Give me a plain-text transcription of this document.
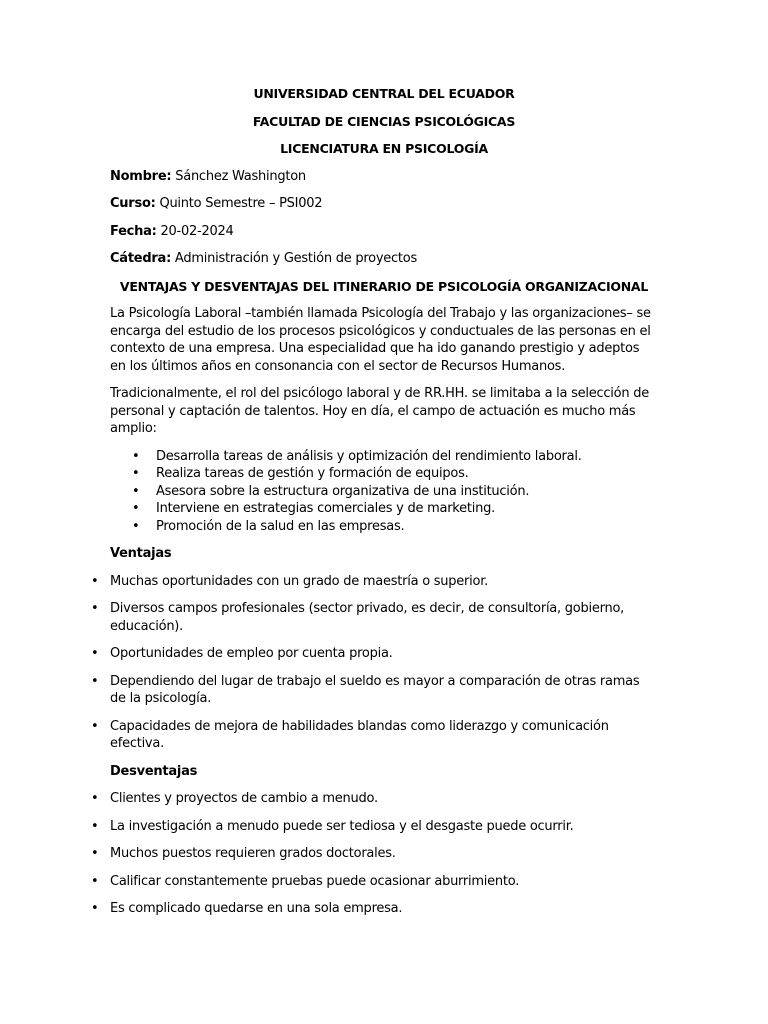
UNIVERSIDAD CENTRAL DEL ECUADOR

FACULTAD DE CIENCIAS PSICOLÓGICAS

LICENCIATURA EN PSICOLOGÍA

Nombre: Sánchez Washington

Curso: Quinto Semestre – PSI002

Fecha: 20-02-2024

Cátedra: Administración y Gestión de proyectos

VENTAJAS Y DESVENTAJAS DEL ITINERARIO DE PSICOLOGÍA ORGANIZACIONAL

La Psicología Laboral –también llamada Psicología del Trabajo y las organizaciones– se encarga del estudio de los procesos psicológicos y conductuales de las personas en el contexto de una empresa. Una especialidad que ha ido ganando prestigio y adeptos en los últimos años en consonancia con el sector de Recursos Humanos.

Tradicionalmente, el rol del psicólogo laboral y de RR.HH. se limitaba a la selección de personal y captación de talentos. Hoy en día, el campo de actuación es mucho más amplio:

• Desarrolla tareas de análisis y optimización del rendimiento laboral.
• Realiza tareas de gestión y formación de equipos.
• Asesora sobre la estructura organizativa de una institución.
• Interviene en estrategias comerciales y de marketing.
• Promoción de la salud en las empresas.

Ventajas

• Muchas oportunidades con un grado de maestría o superior.

• Diversos campos profesionales (sector privado, es decir, de consultoría, gobierno, educación).

• Oportunidades de empleo por cuenta propia.

• Dependiendo del lugar de trabajo el sueldo es mayor a comparación de otras ramas de la psicología.

• Capacidades de mejora de habilidades blandas como liderazgo y comunicación efectiva.

Desventajas

• Clientes y proyectos de cambio a menudo.

• La investigación a menudo puede ser tediosa y el desgaste puede ocurrir.

• Muchos puestos requieren grados doctorales.

• Calificar constantemente pruebas puede ocasionar aburrimiento.

• Es complicado quedarse en una sola empresa.
